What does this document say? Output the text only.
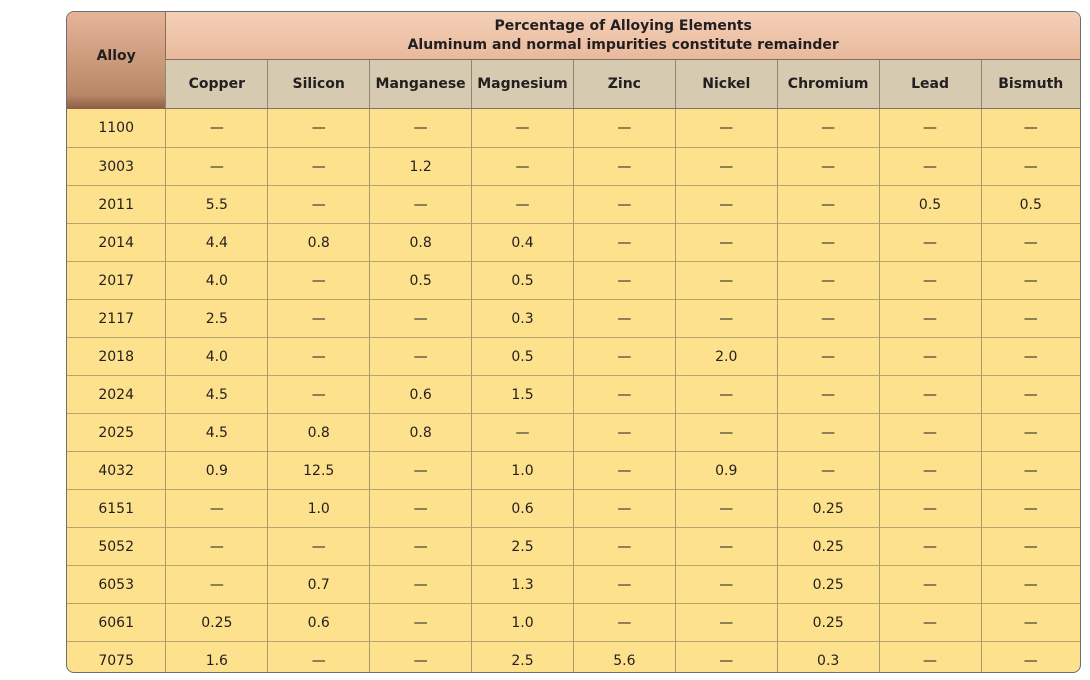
Alloy	Percentage of Alloying Elements
Aluminum and normal impurities constitute remainder								

	Copper	Silicon	Manganese	Magnesium	Zinc	Nickel	Chromium	Lead	Bismuth
1100	—	—	—	—	—	—	—	—	—
3003	—	—	1.2	—	—	—	—	—	—
2011	5.5	—	—	—	—	—	—	0.5	0.5
2014	4.4	0.8	0.8	0.4	—	—	—	—	—
2017	4.0	—	0.5	0.5	—	—	—	—	—
2117	2.5	—	—	0.3	—	—	—	—	—
2018	4.0	—	—	0.5	—	2.0	—	—	—
2024	4.5	—	0.6	1.5	—	—	—	—	—
2025	4.5	0.8	0.8	—	—	—	—	—	—
4032	0.9	12.5	—	1.0	—	0.9	—	—	—
6151	—	1.0	—	0.6	—	—	0.25	—	—
5052	—	—	—	2.5	—	—	0.25	—	—
6053	—	0.7	—	1.3	—	—	0.25	—	—
6061	0.25	0.6	—	1.0	—	—	0.25	—	—
7075	1.6	—	—	2.5	5.6	—	0.3	—	—
